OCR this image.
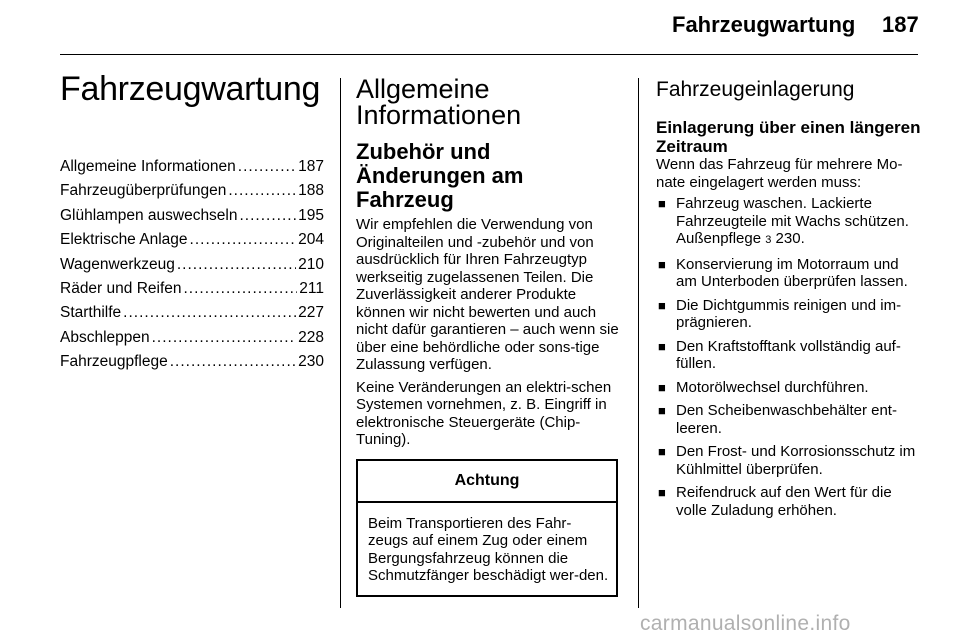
Fahrzeugwartung 187
Fahrzeugwartung
Allgemeine Informationen .....	187
Fahrzeugüberprüfungen .....	188
Glühlampen auswechseln .....	195
Elektrische Anlage .....	204
Wagenwerkzeug .....	210
Räder und Reifen .....	211
Starthilfe .....	227
Abschleppen .....	228
Fahrzeugpflege .....	230
Allgemeine Informationen
Zubehör und Änderungen am Fahrzeug

Wir empfehlen die Verwendung von Originalteilen und -zubehör und von ausdrücklich für Ihren Fahrzeugtyp werkseitig zugelassenen Teilen. Die Zuverlässigkeit anderer Produkte können wir nicht bewerten und auch nicht dafür garantieren – auch wenn sie über eine behördliche oder sons-tige Zulassung verfügen.

Keine Veränderungen an elektri-schen Systemen vornehmen, z. B. Eingriff in elektronische Steuergeräte (Chip-Tuning).

Achtung
Beim Transportieren des Fahr-zeugs auf einem Zug oder einem Bergungsfahrzeug können die Schmutzfänger beschädigt wer-den.
Fahrzeugeinlagerung
Einlagerung über einen längeren Zeitraum

Wenn das Fahrzeug für mehrere Mo-nate eingelagert werden muss:

■ Fahrzeug waschen. Lackierte Fahrzeugteile mit Wachs schützen. Außenpflege 3 230.
■ Konservierung im Motorraum und am Unterboden überprüfen lassen.
■ Die Dichtgummis reinigen und im-prägnieren.
■ Den Kraftstofftank vollständig auf-füllen.
■ Motorölwechsel durchführen.
■ Den Scheibenwaschbehälter ent-leeren.
■ Den Frost- und Korrosionsschutz im Kühlmittel überprüfen.
■ Reifendruck auf den Wert für die volle Zuladung erhöhen.
carmanualsonline.info
